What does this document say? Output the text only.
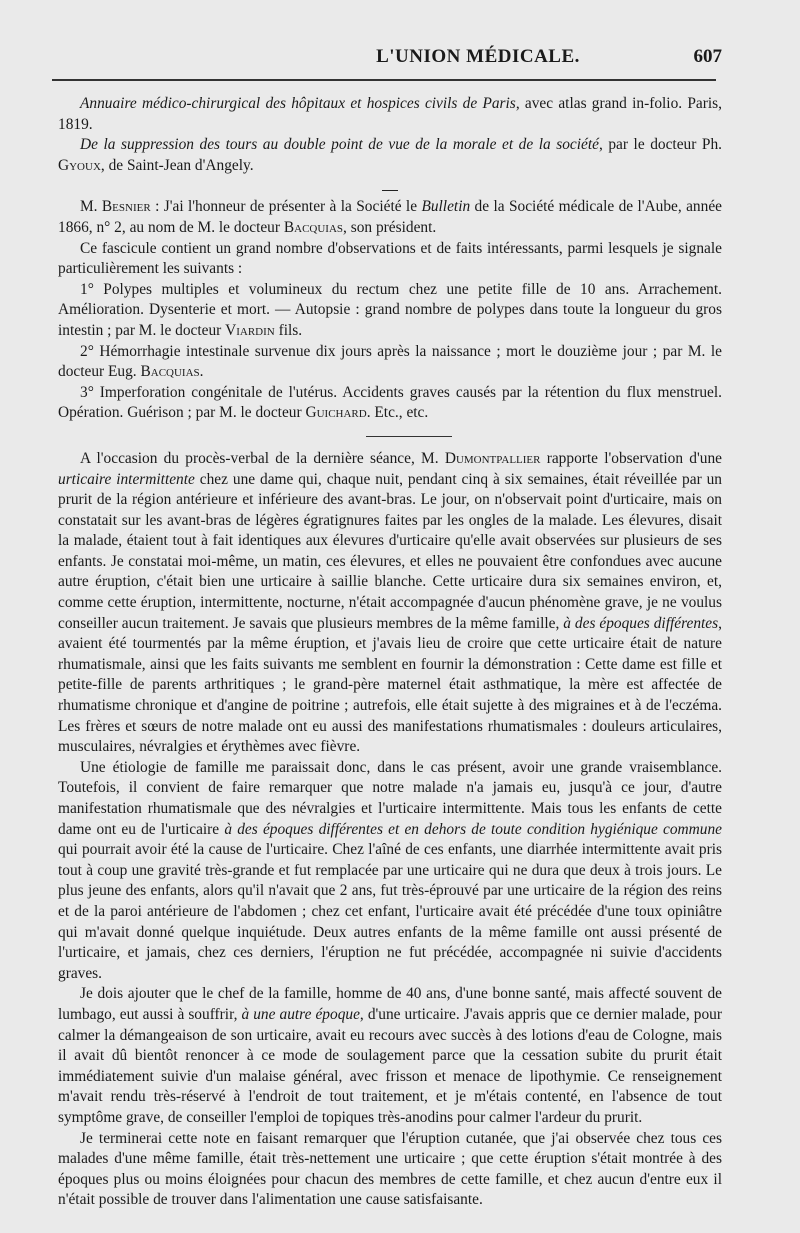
L'UNION MÉDICALE.	607

Annuaire médico-chirurgical des hôpitaux et hospices civils de Paris, avec atlas grand in-folio. Paris, 1819.

De la suppression des tours au double point de vue de la morale et de la société, par le docteur Ph. Gyoux, de Saint-Jean d'Angely.

M. Besnier : J'ai l'honneur de présenter à la Société le Bulletin de la Société médicale de l'Aube, année 1866, n° 2, au nom de M. le docteur Bacquias, son président.

Ce fascicule contient un grand nombre d'observations et de faits intéressants, parmi lesquels je signale particulièrement les suivants :

1° Polypes multiples et volumineux du rectum chez une petite fille de 10 ans. Arrachement. Amélioration. Dysenterie et mort. — Autopsie : grand nombre de polypes dans toute la longueur du gros intestin ; par M. le docteur Viardin fils.

2° Hémorrhagie intestinale survenue dix jours après la naissance ; mort le douzième jour ; par M. le docteur Eug. Bacquias.

3° Imperforation congénitale de l'utérus. Accidents graves causés par la rétention du flux menstruel. Opération. Guérison ; par M. le docteur Guichard. Etc., etc.

A l'occasion du procès-verbal de la dernière séance, M. Dumontpallier rapporte l'observation d'une urticaire intermittente chez une dame qui, chaque nuit, pendant cinq à six semaines, était réveillée par un prurit de la région antérieure et inférieure des avant-bras. Le jour, on n'observait point d'urticaire, mais on constatait sur les avant-bras de légères égratignures faites par les ongles de la malade. Les élevures, disait la malade, étaient tout à fait identiques aux élevures d'urticaire qu'elle avait observées sur plusieurs de ses enfants. Je constatai moi-même, un matin, ces élevures, et elles ne pouvaient être confondues avec aucune autre éruption, c'était bien une urticaire à saillie blanche. Cette urticaire dura six semaines environ, et, comme cette éruption, intermittente, nocturne, n'était accompagnée d'aucun phénomène grave, je ne voulus conseiller aucun traitement. Je savais que plusieurs membres de la même famille, à des époques différentes, avaient été tourmentés par la même éruption, et j'avais lieu de croire que cette urticaire était de nature rhumatismale, ainsi que les faits suivants me semblent en fournir la démonstration : Cette dame est fille et petite-fille de parents arthritiques ; le grand-père maternel était asthmatique, la mère est affectée de rhumatisme chronique et d'angine de poitrine ; autrefois, elle était sujette à des migraines et à de l'eczéma. Les frères et sœurs de notre malade ont eu aussi des manifestations rhumatismales : douleurs articulaires, musculaires, névralgies et érythèmes avec fièvre.

Une étiologie de famille me paraissait donc, dans le cas présent, avoir une grande vraisemblance. Toutefois, il convient de faire remarquer que notre malade n'a jamais eu, jusqu'à ce jour, d'autre manifestation rhumatismale que des névralgies et l'urticaire intermittente. Mais tous les enfants de cette dame ont eu de l'urticaire à des époques différentes et en dehors de toute condition hygiénique commune qui pourrait avoir été la cause de l'urticaire. Chez l'aîné de ces enfants, une diarrhée intermittente avait pris tout à coup une gravité très-grande et fut remplacée par une urticaire qui ne dura que deux à trois jours. Le plus jeune des enfants, alors qu'il n'avait que 2 ans, fut très-éprouvé par une urticaire de la région des reins et de la paroi antérieure de l'abdomen ; chez cet enfant, l'urticaire avait été précédée d'une toux opiniâtre qui m'avait donné quelque inquiétude. Deux autres enfants de la même famille ont aussi présenté de l'urticaire, et jamais, chez ces derniers, l'éruption ne fut précédée, accompagnée ni suivie d'accidents graves.

Je dois ajouter que le chef de la famille, homme de 40 ans, d'une bonne santé, mais affecté souvent de lumbago, eut aussi à souffrir, à une autre époque, d'une urticaire. J'avais appris que ce dernier malade, pour calmer la démangeaison de son urticaire, avait eu recours avec succès à des lotions d'eau de Cologne, mais il avait dû bientôt renoncer à ce mode de soulagement parce que la cessation subite du prurit était immédiatement suivie d'un malaise général, avec frisson et menace de lipothymie. Ce renseignement m'avait rendu très-réservé à l'endroit de tout traitement, et je m'étais contenté, en l'absence de tout symptôme grave, de conseiller l'emploi de topiques très-anodins pour calmer l'ardeur du prurit.

Je terminerai cette note en faisant remarquer que l'éruption cutanée, que j'ai observée chez tous ces malades d'une même famille, était très-nettement une urticaire ; que cette éruption s'était montrée à des époques plus ou moins éloignées pour chacun des membres de cette famille, et chez aucun d'entre eux il n'était possible de trouver dans l'alimentation une cause satisfaisante.
